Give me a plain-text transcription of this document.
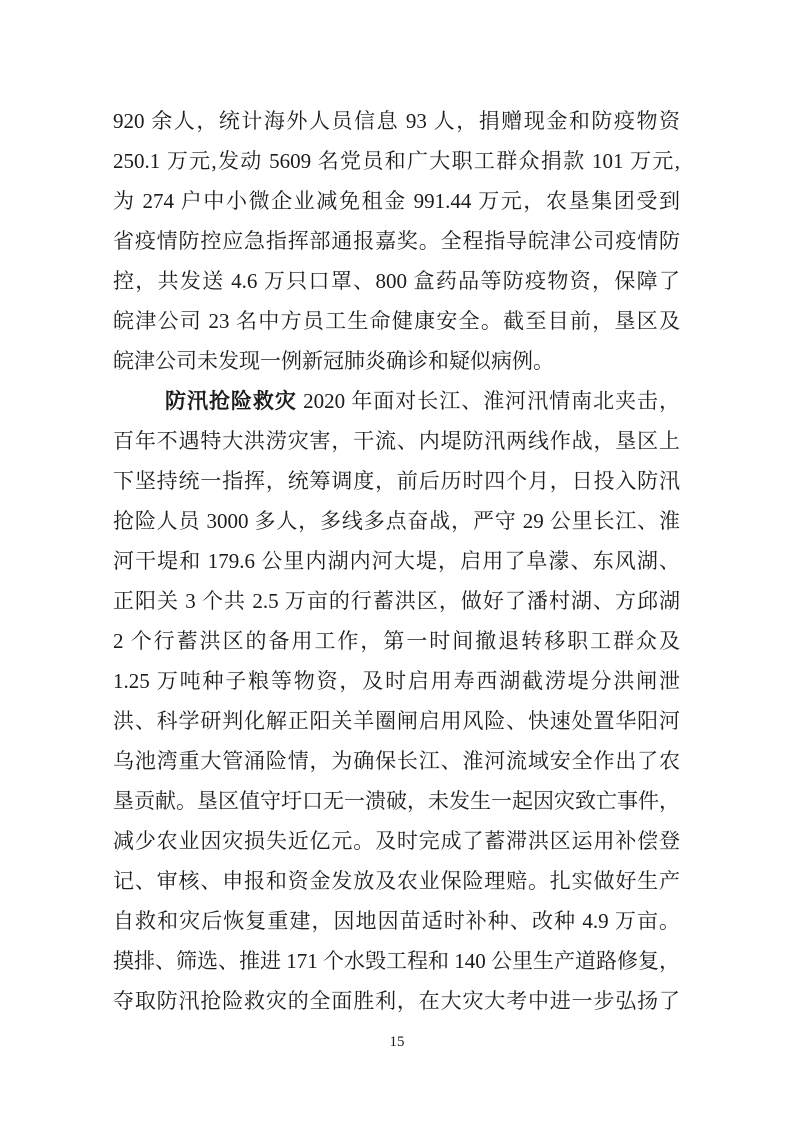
920 余人，统计海外人员信息 93 人，捐赠现金和防疫物资
250.1 万元,发动 5609 名党员和广大职工群众捐款 101 万元,
为 274 户中小微企业减免租金 991.44 万元，农垦集团受到
省疫情防控应急指挥部通报嘉奖。全程指导皖津公司疫情防
控，共发送 4.6 万只口罩、800 盒药品等防疫物资，保障了
皖津公司 23 名中方员工生命健康安全。截至目前，垦区及
皖津公司未发现一例新冠肺炎确诊和疑似病例。
防汛抢险救灾 2020 年面对长江、淮河汛情南北夹击，
百年不遇特大洪涝灾害，干流、内堤防汛两线作战，垦区上
下坚持统一指挥，统筹调度，前后历时四个月，日投入防汛
抢险人员 3000 多人，多线多点奋战，严守 29 公里长江、淮
河干堤和 179.6 公里内湖内河大堤，启用了阜濛、东风湖、
正阳关 3 个共 2.5 万亩的行蓄洪区，做好了潘村湖、方邱湖
2 个行蓄洪区的备用工作，第一时间撤退转移职工群众及
1.25 万吨种子粮等物资，及时启用寿西湖截涝堤分洪闸泄
洪、科学研判化解正阳关羊圈闸启用风险、快速处置华阳河
乌池湾重大管涌险情，为确保长江、淮河流域安全作出了农
垦贡献。垦区值守圩口无一溃破，未发生一起因灾致亡事件，
减少农业因灾损失近亿元。及时完成了蓄滞洪区运用补偿登
记、审核、申报和资金发放及农业保险理赔。扎实做好生产
自救和灾后恢复重建，因地因苗适时补种、改种 4.9 万亩。
摸排、筛选、推进 171 个水毁工程和 140 公里生产道路修复，
夺取防汛抢险救灾的全面胜利，在大灾大考中进一步弘扬了
15
